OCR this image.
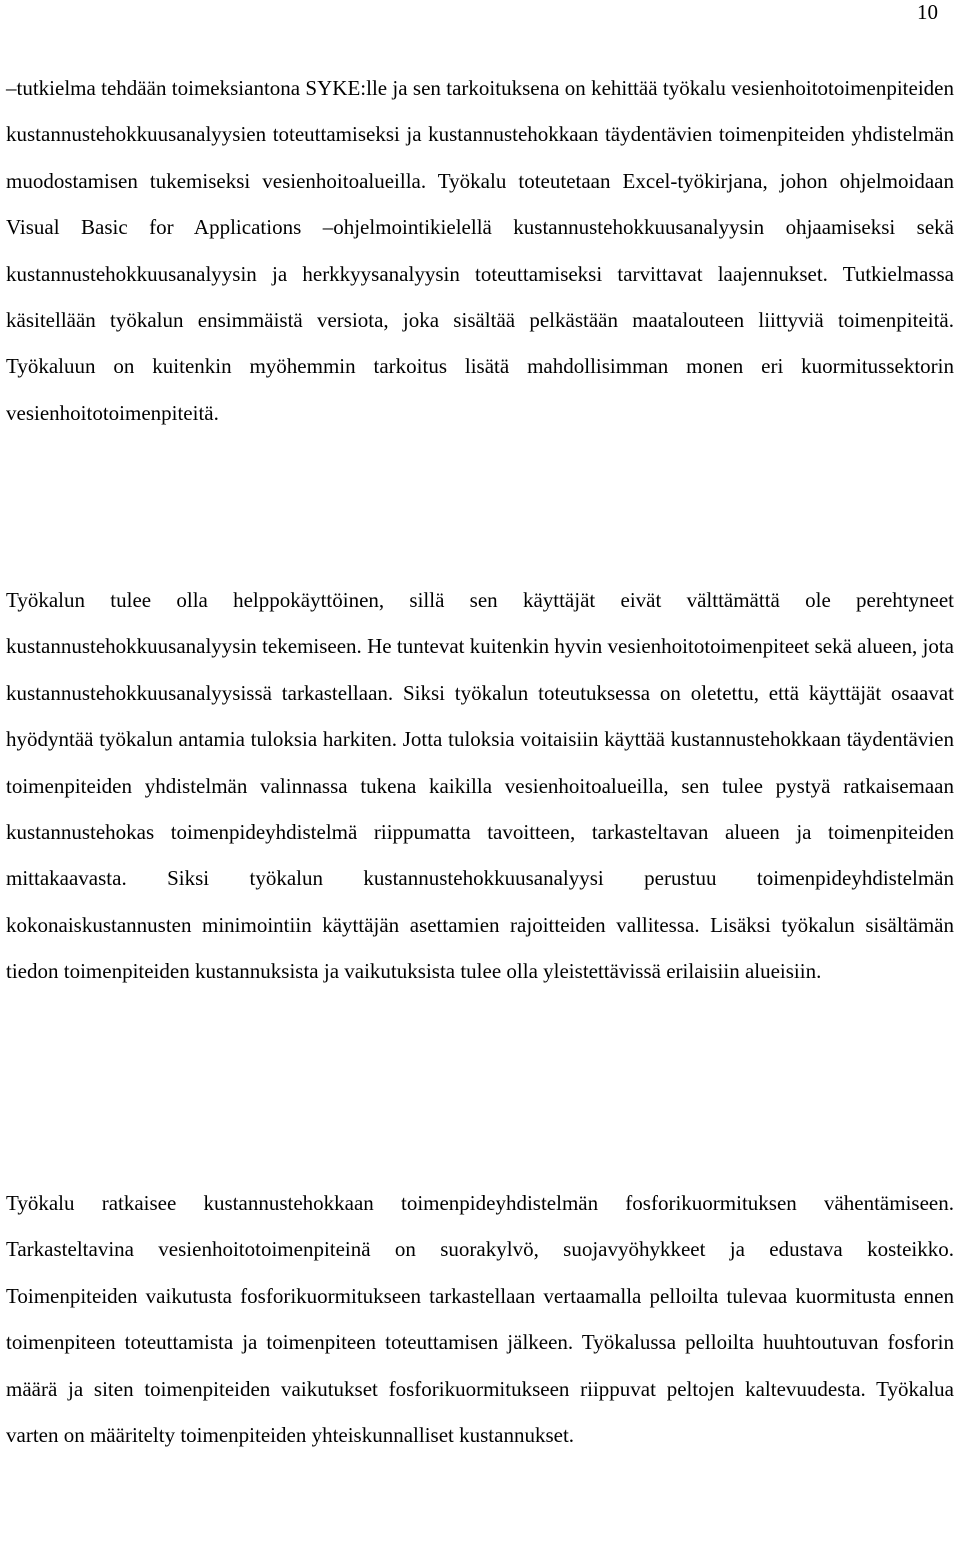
10

–tutkielma tehdään toimeksiantona SYKE:lle ja sen tarkoituksena on kehittää työkalu vesienhoitotoimenpiteiden kustannustehokkuusanalyysien toteuttamiseksi ja kustannustehokkaan täydentävien toimenpiteiden yhdistelmän muodostamisen tukemiseksi vesienhoitoalueilla. Työkalu toteutetaan Excel-työkirjana, johon ohjelmoidaan Visual Basic for Applications –ohjelmointikielellä kustannustehokkuusanalyysin ohjaamiseksi sekä kustannustehokkuusanalyysin ja herkkyysanalyysin toteuttamiseksi tarvittavat laajennukset. Tutkielmassa käsitellään työkalun ensimmäistä versiota, joka sisältää pelkästään maatalouteen liittyviä toimenpiteitä. Työkaluun on kuitenkin myöhemmin tarkoitus lisätä mahdollisimman monen eri kuormitussektorin vesienhoitotoimenpiteitä.

Työkalun tulee olla helppokäyttöinen, sillä sen käyttäjät eivät välttämättä ole perehtyneet kustannustehokkuusanalyysin tekemiseen. He tuntevat kuitenkin hyvin vesienhoitotoimenpiteet sekä alueen, jota kustannustehokkuusanalyysissä tarkastellaan. Siksi työkalun toteutuksessa on oletettu, että käyttäjät osaavat hyödyntää työkalun antamia tuloksia harkiten. Jotta tuloksia voitaisiin käyttää kustannustehokkaan täydentävien toimenpiteiden yhdistelmän valinnassa tukena kaikilla vesienhoitoalueilla, sen tulee pystyä ratkaisemaan kustannustehokas toimenpideyhdistelmä riippumatta tavoitteen, tarkasteltavan alueen ja toimenpiteiden mittakaavasta. Siksi työkalun kustannustehokkuusanalyysi perustuu toimenpideyhdistelmän kokonaiskustannusten minimointiin käyttäjän asettamien rajoitteiden vallitessa. Lisäksi työkalun sisältämän tiedon toimenpiteiden kustannuksista ja vaikutuksista tulee olla yleistettävissä erilaisiin alueisiin.

Työkalu ratkaisee kustannustehokkaan toimenpideyhdistelmän fosforikuormituksen vähentämiseen. Tarkasteltavina vesienhoitotoimenpiteinä on suorakylvö, suojavyöhykkeet ja edustava kosteikko. Toimenpiteiden vaikutusta fosforikuormitukseen tarkastellaan vertaamalla pelloilta tulevaa kuormitusta ennen toimenpiteen toteuttamista ja toimenpiteen toteuttamisen jälkeen. Työkalussa pelloilta huuhtoutuvan fosforin määrä ja siten toimenpiteiden vaikutukset fosforikuormitukseen riippuvat peltojen kaltevuudesta. Työkalua varten on määritelty toimenpiteiden yhteiskunnalliset kustannukset.
